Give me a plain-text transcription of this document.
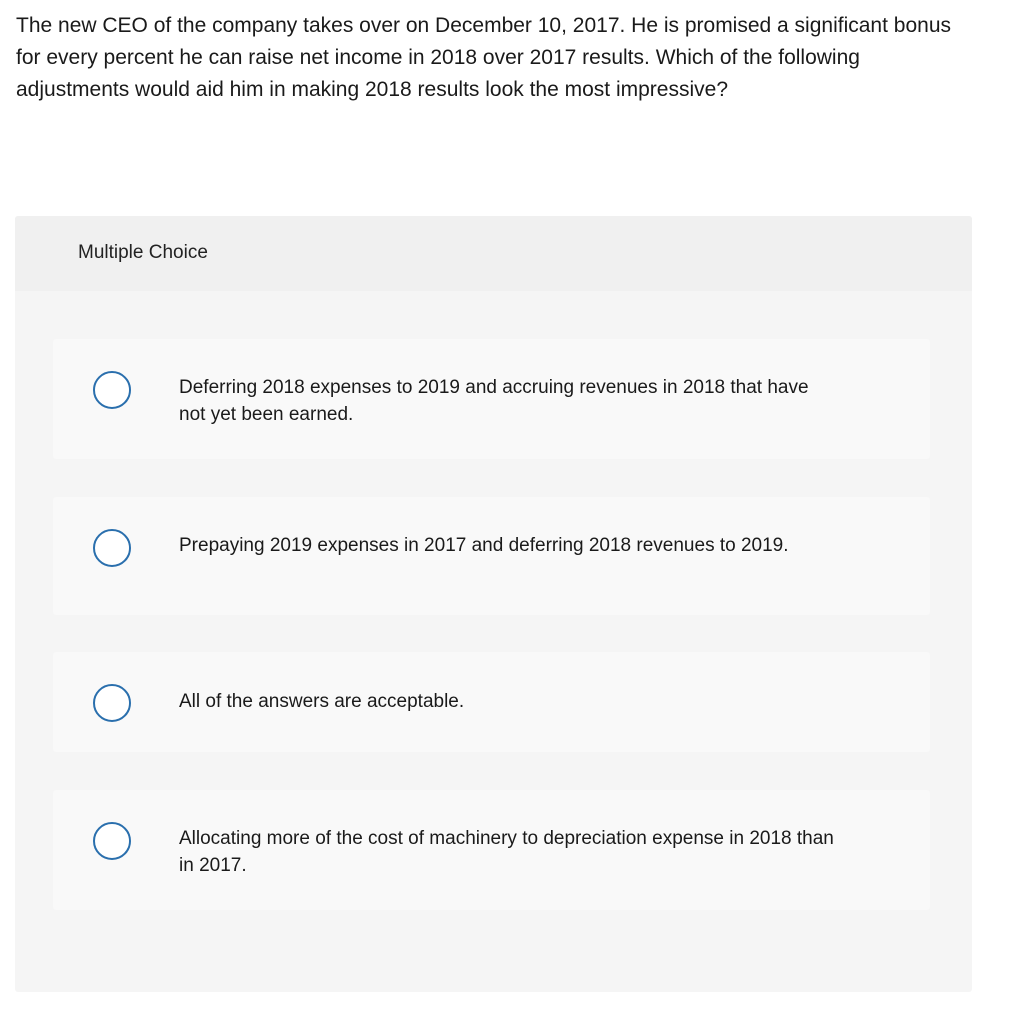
The new CEO of the company takes over on December 10, 2017. He is promised a significant bonus for every percent he can raise net income in 2018 over 2017 results. Which of the following adjustments would aid him in making 2018 results look the most impressive?

Multiple Choice
Deferring 2018 expenses to 2019 and accruing revenues in 2018 that have not yet been earned.
Prepaying 2019 expenses in 2017 and deferring 2018 revenues to 2019.
All of the answers are acceptable.
Allocating more of the cost of machinery to depreciation expense in 2018 than in 2017.
